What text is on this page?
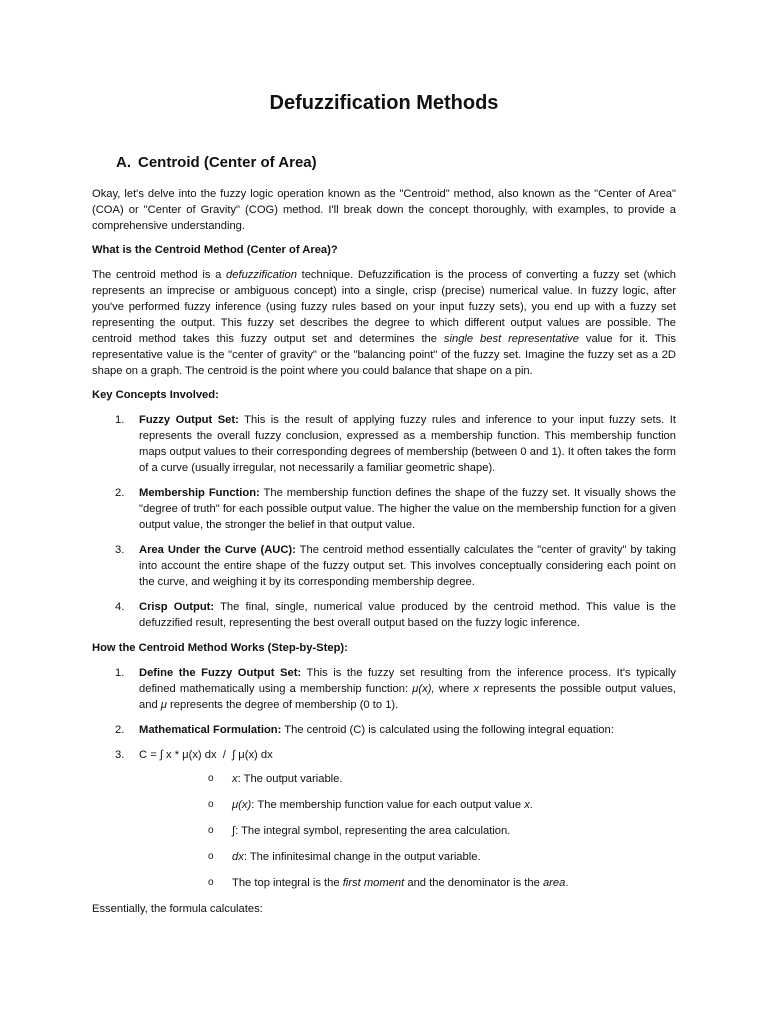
Defuzzification Methods
A. Centroid (Center of Area)

Okay, let's delve into the fuzzy logic operation known as the "Centroid" method, also known as the "Center of Area" (COA) or "Center of Gravity" (COG) method. I'll break down the concept thoroughly, with examples, to provide a comprehensive understanding.

What is the Centroid Method (Center of Area)?

The centroid method is a defuzzification technique. Defuzzification is the process of converting a fuzzy set (which represents an imprecise or ambiguous concept) into a single, crisp (precise) numerical value. In fuzzy logic, after you've performed fuzzy inference (using fuzzy rules based on your input fuzzy sets), you end up with a fuzzy set representing the output. This fuzzy set describes the degree to which different output values are possible. The centroid method takes this fuzzy output set and determines the single best representative value for it. This representative value is the "center of gravity" or the "balancing point" of the fuzzy set. Imagine the fuzzy set as a 2D shape on a graph. The centroid is the point where you could balance that shape on a pin.

Key Concepts Involved:

1. Fuzzy Output Set: This is the result of applying fuzzy rules and inference to your input fuzzy sets. It represents the overall fuzzy conclusion, expressed as a membership function. This membership function maps output values to their corresponding degrees of membership (between 0 and 1). It often takes the form of a curve (usually irregular, not necessarily a familiar geometric shape).
2. Membership Function: The membership function defines the shape of the fuzzy set. It visually shows the "degree of truth" for each possible output value. The higher the value on the membership function for a given output value, the stronger the belief in that output value.
3. Area Under the Curve (AUC): The centroid method essentially calculates the "center of gravity" by taking into account the entire shape of the fuzzy output set. This involves conceptually considering each point on the curve, and weighing it by its corresponding membership degree.
4. Crisp Output: The final, single, numerical value produced by the centroid method. This value is the defuzzified result, representing the best overall output based on the fuzzy logic inference.

How the Centroid Method Works (Step-by-Step):

1. Define the Fuzzy Output Set: This is the fuzzy set resulting from the inference process. It's typically defined mathematically using a membership function: μ(x), where x represents the possible output values, and μ represents the degree of membership (0 to 1).
2. Mathematical Formulation: The centroid (C) is calculated using the following integral equation:
3. C = ∫ x * μ(x) dx  /  ∫ μ(x) dx
o x: The output variable.
o μ(x): The membership function value for each output value x.
o ∫: The integral symbol, representing the area calculation.
o dx: The infinitesimal change in the output variable.
o The top integral is the first moment and the denominator is the area.

Essentially, the formula calculates:
